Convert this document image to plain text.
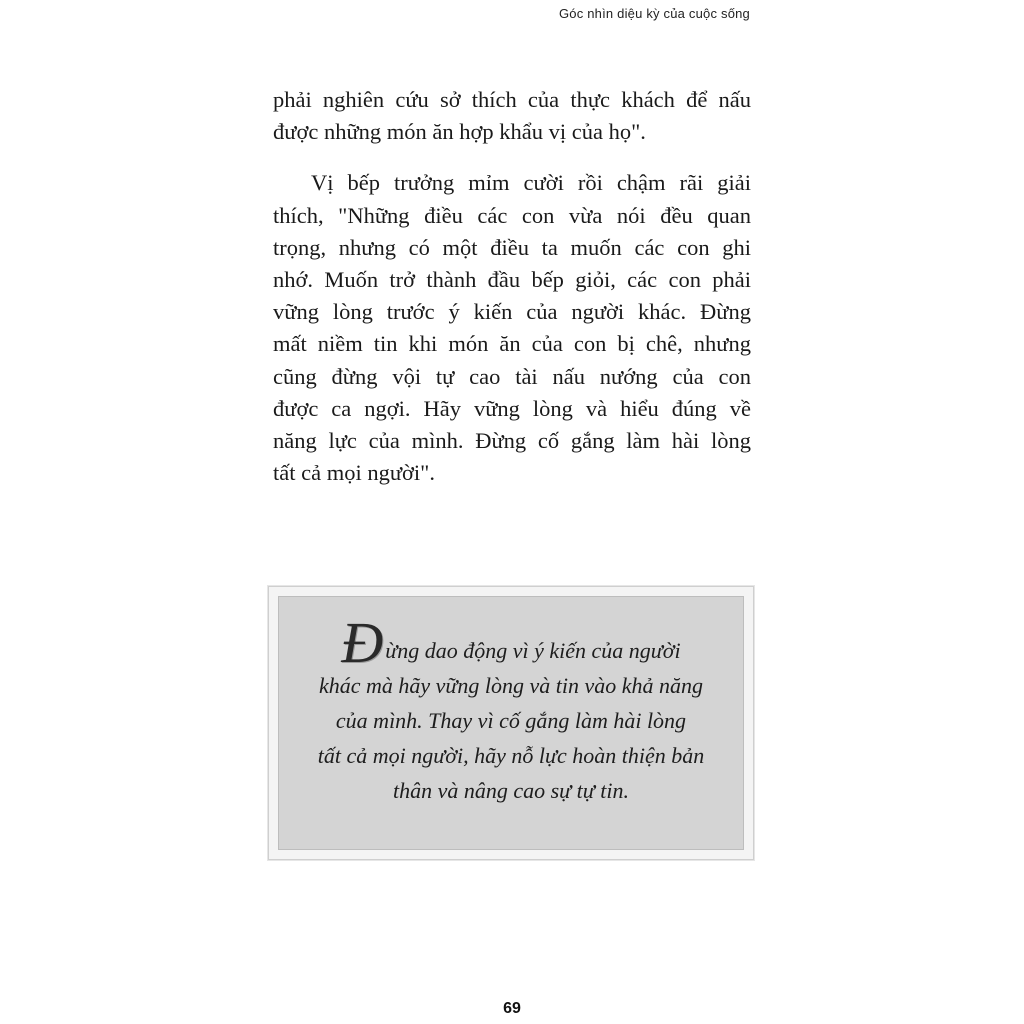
Góc nhìn diệu kỳ của cuộc sống
phải nghiên cứu sở thích của thực khách để nấu
được những món ăn hợp khẩu vị của họ".
Vị bếp trưởng mỉm cười rồi chậm rãi giải
thích, "Những điều các con vừa nói đều quan
trọng, nhưng có một điều ta muốn các con ghi
nhớ. Muốn trở thành đầu bếp giỏi, các con phải
vững lòng trước ý kiến của người khác. Đừng
mất niềm tin khi món ăn của con bị chê, nhưng
cũng đừng vội tự cao tài nấu nướng của con
được ca ngợi. Hãy vững lòng và hiểu đúng về
năng lực của mình. Đừng cố gắng làm hài lòng
tất cả mọi người".
Đừng dao động vì ý kiến của người
khác mà hãy vững lòng và tin vào khả năng
của mình. Thay vì cố gắng làm hài lòng
tất cả mọi người, hãy nỗ lực hoàn thiện bản
thân và nâng cao sự tự tin.
69
